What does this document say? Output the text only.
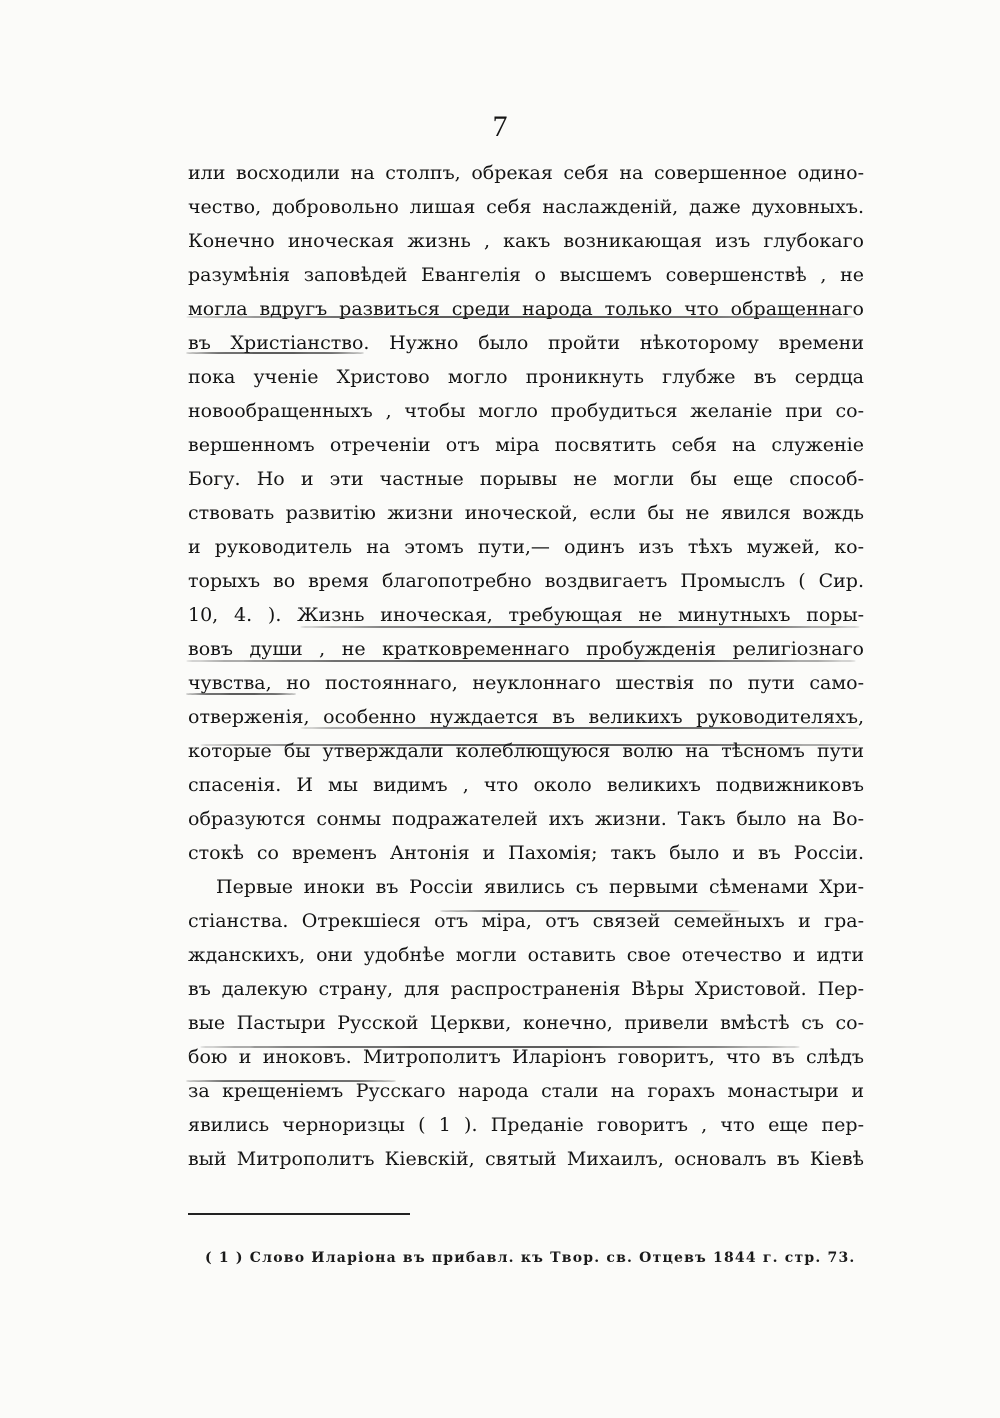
7
или восходили на столпъ, обрекая себя на совершенное одино-
чество, добровольно лишая себя наслажденій, даже духовныхъ.
Конечно иноческая жизнь , какъ возникающая изъ глубокаго
разумѣнія заповѣдей Евангелія о высшемъ совершенствѣ , не
могла вдругъ развиться среди народа только что обращеннаго
въ Христіанство. Нужно было пройти нѣкоторому времени
пока ученіе Христово могло проникнуть глубже въ сердца
новообращенныхъ , чтобы могло пробудиться желаніе при со-
вершенномъ отреченіи отъ міра посвятить себя на служеніе
Богу. Но и эти частные порывы не могли бы еще способ-
ствовать развитію жизни иноческой, если бы не явился вождь
и руководитель на этомъ пути,— одинъ изъ тѣхъ мужей, ко-
торыхъ во время благопотребно воздвигаетъ Промыслъ ( Сир.
10, 4. ). Жизнь иноческая, требующая не минутныхъ поры-
вовъ души , не кратковременнаго пробужденія религіознаго
чувства, но постояннаго, неуклоннаго шествія по пути само-
отверженія, особенно нуждается въ великихъ руководителяхъ,
которые бы утверждали колеблющуюся волю на тѣсномъ пути
спасенія. И мы видимъ , что около великихъ подвижниковъ
образуются сонмы подражателей ихъ жизни. Такъ было на Во-
стокѣ со временъ Антонія и Пахомія; такъ было и въ Россіи.
Первые иноки въ Россіи явились съ первыми сѣменами Хри-
стіанства. Отрекшіеся отъ міра, отъ связей семейныхъ и гра-
жданскихъ, они удобнѣе могли оставить свое отечество и идти
въ далекую страну, для распространенія Вѣры Христовой. Пер-
вые Пастыри Русской Церкви, конечно, привели вмѣстѣ съ со-
бою и иноковъ. Митрополитъ Иларіонъ говоритъ, что въ слѣдъ
за крещеніемъ Русскаго народа стали на горахъ монастыри и
явились черноризцы ( 1 ). Преданіе говоритъ , что еще пер-
вый Митрополитъ Кіевскій, святый Михаилъ, основалъ въ Кіевѣ
( 1 ) Слово Иларіона въ прибавл. къ Твор. св. Отцевъ 1844 г. стр. 73.
